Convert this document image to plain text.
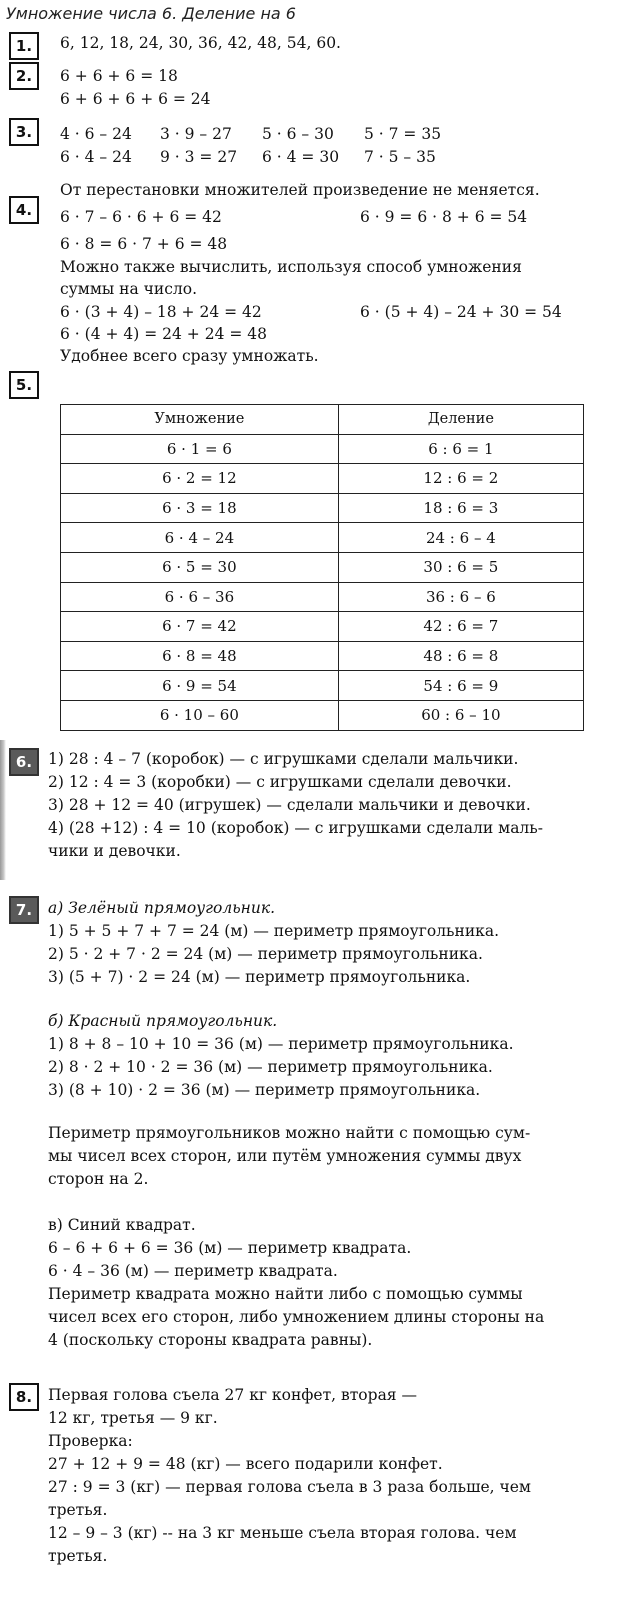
Умножение числа 6. Деление на 6
1.	6, 12, 18, 24, 30, 36, 42, 48, 54, 60.
2.	6 + 6 + 6 = 18
6 + 6 + 6 + 6 = 24
3.	4 · 6 – 24 3 · 9 – 27 5 · 6 – 30 5 · 7 = 35
6 · 4 – 24 9 · 3 = 27 6 · 4 = 30 7 · 5 – 35
От перестановки множителей произведение не меняется.
4.	6 · 7 – 6 · 6 + 6 = 42	6 · 9 = 6 · 8 + 6 = 54
6 · 8 = 6 · 7 + 6 = 48
Можно также вычислить, используя способ умножения
суммы на число.
6 · (3 + 4) – 18 + 24 = 42	6 · (5 + 4) – 24 + 30 = 54
6 · (4 + 4) = 24 + 24 = 48
Удобнее всего сразу умножать.
5.
Умножение	Деление
6 · 1 = 6	6 : 6 = 1
6 · 2 = 12	12 : 6 = 2
6 · 3 = 18	18 : 6 = 3
6 · 4 – 24	24 : 6 – 4
6 · 5 = 30	30 : 6 = 5
6 · 6 – 36	36 : 6 – 6
6 · 7 = 42	42 : 6 = 7
6 · 8 = 48	48 : 6 = 8
6 · 9 = 54	54 : 6 = 9
6 · 10 – 60	60 : 6 – 10
6.	1) 28 : 4 – 7 (коробок) — с игрушками сделали мальчики.
2) 12 : 4 = 3 (коробки) — с игрушками сделали девочки.
3) 28 + 12 = 40 (игрушек) — сделали мальчики и девочки.
4) (28 +12) : 4 = 10 (коробок) — с игрушками сделали маль-
чики и девочки.
7.	а) Зелёный прямоугольник.
1) 5 + 5 + 7 + 7 = 24 (м) — периметр прямоугольника.
2) 5 · 2 + 7 · 2 = 24 (м) — периметр прямоугольника.
3) (5 + 7) · 2 = 24 (м) — периметр прямоугольника.
б) Красный прямоугольник.
1) 8 + 8 – 10 + 10 = 36 (м) — периметр прямоугольника.
2) 8 · 2 + 10 · 2 = 36 (м) — периметр прямоугольника.
3) (8 + 10) · 2 = 36 (м) — периметр прямоугольника.
Периметр прямоугольников можно найти с помощью сум-
мы чисел всех сторон, или путём умножения суммы двух
сторон на 2.
в) Синий квадрат.
6 – 6 + 6 + 6 = 36 (м) — периметр квадрата.
6 · 4 – 36 (м) — периметр квадрата.
Периметр квадрата можно найти либо с помощью суммы
чисел всех его сторон, либо умножением длины стороны на
4 (поскольку стороны квадрата равны).
8.	Первая голова съела 27 кг конфет, вторая —
12 кг, третья — 9 кг.
Проверка:
27 + 12 + 9 = 48 (кг) — всего подарили конфет.
27 : 9 = 3 (кг) — первая голова съела в 3 раза больше, чем
третья.
12 – 9 – 3 (кг) -- на 3 кг меньше съела вторая голова. чем
третья.
